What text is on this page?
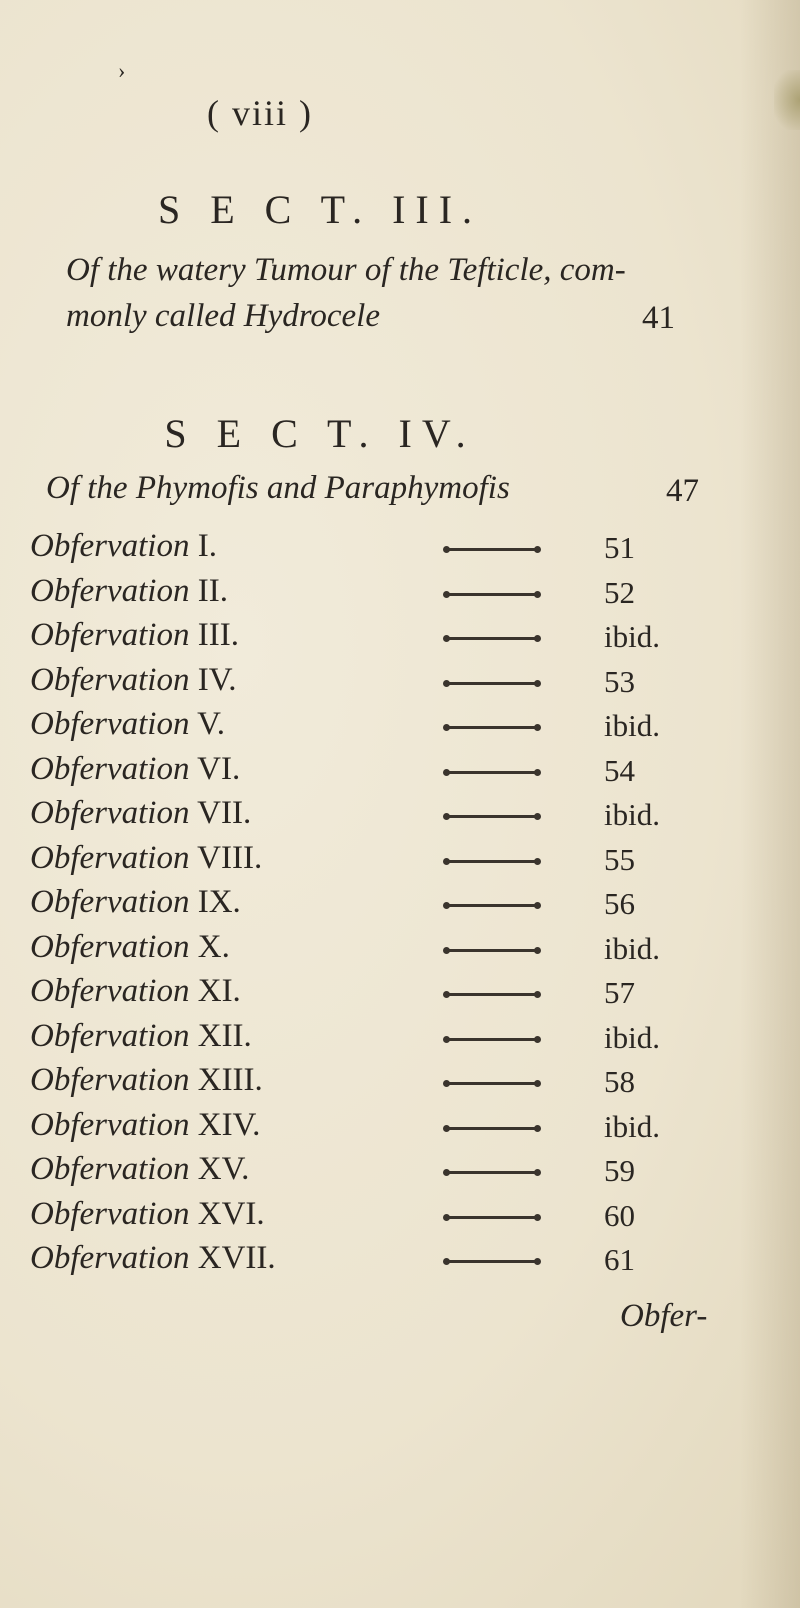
›
( viii )
S E C T. III.
Of the watery Tumour of the Tefticle, com-
monly called Hydrocele	41
S E C T. IV.
Of the Phymofis and Paraphymofis	47
Obfervation I.	51
Obfervation II.	52
Obfervation III.	ibid.
Obfervation IV.	53
Obfervation V.	ibid.
Obfervation VI.	54
Obfervation VII.	ibid.
Obfervation VIII.	55
Obfervation IX.	56
Obfervation X.	ibid.
Obfervation XI.	57
Obfervation XII.	ibid.
Obfervation XIII.	58
Obfervation XIV.	ibid.
Obfervation XV.	59
Obfervation XVI.	60
Obfervation XVII.	61
Obfer-
